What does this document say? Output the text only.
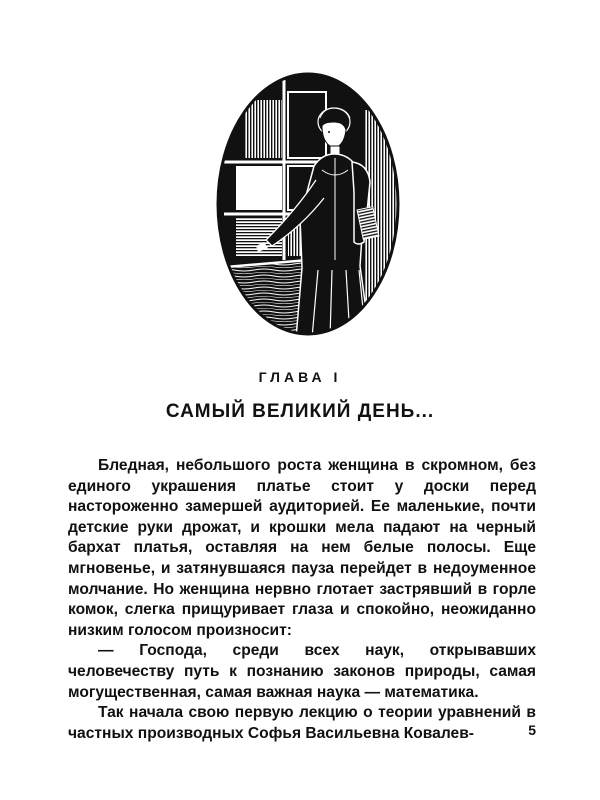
ГЛАВА I
САМЫЙ ВЕЛИКИЙ ДЕНЬ...

Бледная, небольшого роста женщина в скромном, без единого украшения платье стоит у доски перед настороженно замершей аудиторией. Ее маленькие, почти детские руки дрожат, и крошки мела падают на черный бархат платья, оставляя на нем белые полосы. Еще мгновенье, и затянувшаяся пауза перейдет в недоуменное молчание. Но женщина нервно глотает застрявший в горле комок, слегка прищуривает глаза и спокойно, неожиданно низким голосом произносит:

— Господа, среди всех наук, открывавших человечеству путь к познанию законов природы, самая могущественная, самая важная наука — математика.

Так начала свою первую лекцию о теории уравнений в частных производных Софья Васильевна Ковалев-	5
